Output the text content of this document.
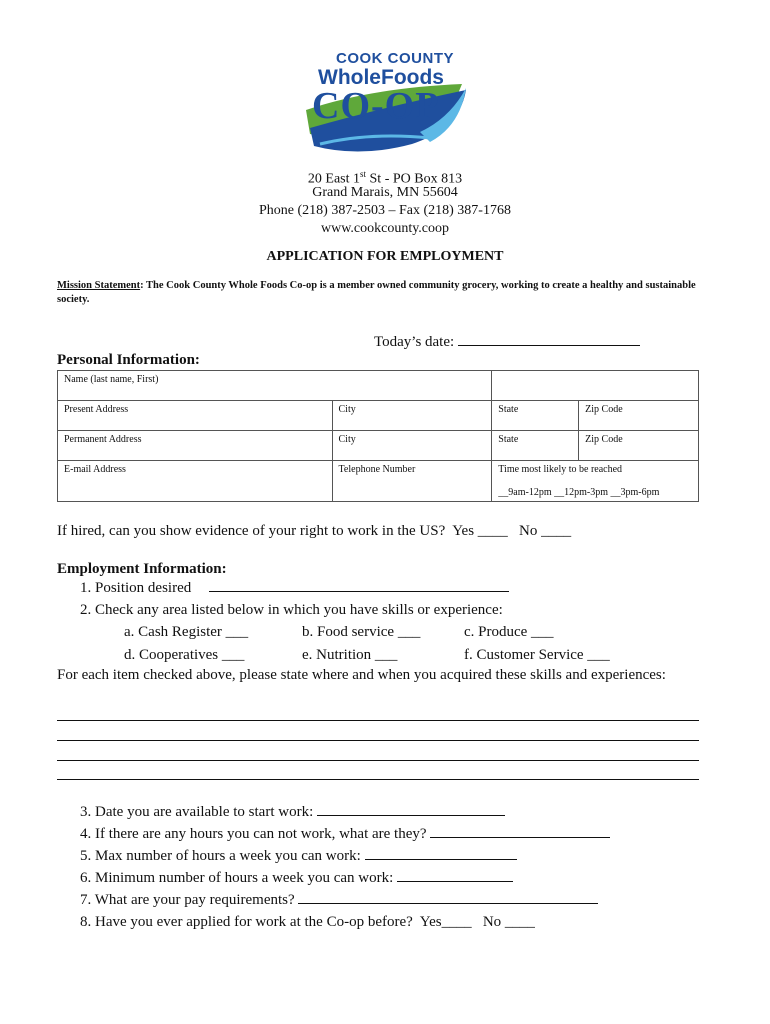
COOK COUNTY
WholeFoods
CO-OP
20 East 1st St - PO Box 813
Grand Marais, MN 55604
Phone (218) 387-2503 – Fax (218) 387-1768
www.cookcounty.coop
APPLICATION FOR EMPLOYMENT
Mission Statement: The Cook County Whole Foods Co-op is a member owned community grocery, working to create a healthy and sustainable society.
Today’s date:
Personal Information:
Name (last name, First)			
Present Address	City	State	Zip Code
Permanent Address	City	State	Zip Code
E-mail Address	Telephone Number	Time most likely to be reached
__9am-12pm __12pm-3pm __3pm-6pm	
If hired, can you show evidence of your right to work in the US? Yes ____ No ____
Employment Information:
1. Position desired
2. Check any area listed below in which you have skills or experience:
a. Cash Register ___	b. Food service ___	c. Produce ___
d. Cooperatives ___	e. Nutrition ___	f. Customer Service ___
For each item checked above, please state where and when you acquired these skills and experiences:
3. Date you are available to start work:
4. If there are any hours you can not work, what are they?
5. Max number of hours a week you can work:
6. Minimum number of hours a week you can work:
7. What are your pay requirements?
8. Have you ever applied for work at the Co-op before? Yes____ No ____
